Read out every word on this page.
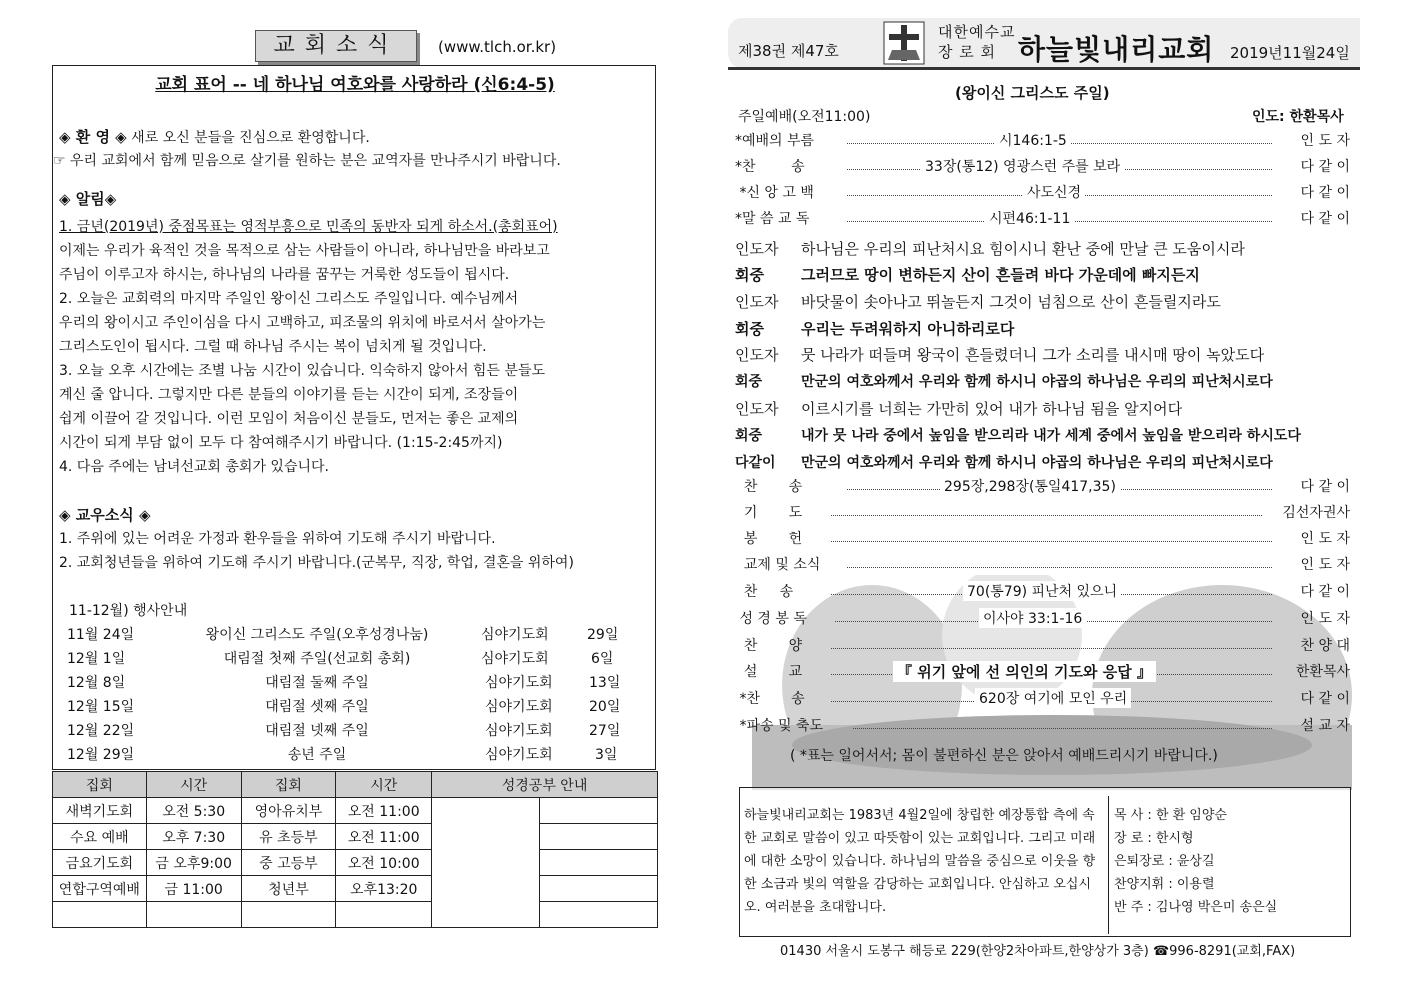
교회소식	(www.tlch.or.kr)
교회 표어 -- 네 하나님 여호와를 사랑하라 (신6:4-5)
◈ 환 영 ◈ 새로 오신 분들을 진심으로 환영합니다.
☞ 우리 교회에서 함께 믿음으로 살기를 원하는 분은 교역자를 만나주시기 바랍니다.
◈ 알림◈
1. 금년(2019년) 중점목표는 영적부흥으로 민족의 동반자 되게 하소서.(총회표어)
이제는 우리가 육적인 것을 목적으로 삼는 사람들이 아니라, 하나님만을 바라보고
주님이 이루고자 하시는, 하나님의 나라를 꿈꾸는 거룩한 성도들이 됩시다.
2. 오늘은 교회력의 마지막 주일인 왕이신 그리스도 주일입니다. 예수님께서
우리의 왕이시고 주인이심을 다시 고백하고, 피조물의 위치에 바로서서 살아가는
그리스도인이 됩시다. 그럴 때 하나님 주시는 복이 넘치게 될 것입니다.
3. 오늘 오후 시간에는 조별 나눔 시간이 있습니다. 익숙하지 않아서 힘든 분들도
계신 줄 압니다. 그렇지만 다른 분들의 이야기를 듣는 시간이 되게, 조장들이
쉽게 이끌어 갈 것입니다. 이런 모임이 처음이신 분들도, 먼저는 좋은 교제의
시간이 되게 부담 없이 모두 다 참여해주시기 바랍니다. (1:15-2:45까지)
4. 다음 주에는 남녀선교회 총회가 있습니다.
◈ 교우소식 ◈
1. 주위에 있는 어려운 가정과 환우들을 위하여 기도해 주시기 바랍니다.
2. 교회청년들을 위하여 기도해 주시기 바랍니다.(군복무, 직장, 학업, 결혼을 위하여)
11-12월) 행사안내
11월 24일	왕이신 그리스도 주일(오후성경나눔)	심야기도회	29일
12월 1일	대림절 첫째 주일(선교회 총회)	심야기도회	6일
12월 8일	대림절 둘째 주일	심야기도회	13일
12월 15일	대림절 셋째 주일	심야기도회	20일
12월 22일	대림절 넷째 주일	심야기도회	27일
12월 29일	송년 주일	심야기도회	3일
집회	시간	집회	시간	성경공부 안내	
새벽기도회	오전 5:30	영아유치부	오전 11:00		
수요 예배	오후 7:30	유 초등부	오전 11:00		
금요기도회	금 오후9:00	중 고등부	오전 10:00		
연합구역예배	금 11:00	청년부	오후13:20		

제38권 제47호
대한예수교
장 로 회 하늘빛내리교회 2019년11월24일
(왕이신 그리스도 주일)
주일예배(오전11:00)	인도: 한환목사
*예배의 부름	시146:1-5	인 도 자
*찬        송	33장(통12) 영광스런 주를 보라	다 같 이
*신 앙 고 백	사도신경	다 같 이
*말 씀 교 독	시편46:1-11	다 같 이
인도자 하나님은 우리의 피난처시요 힘이시니 환난 중에 만날 큰 도움이시라
회중 그러므로 땅이 변하든지 산이 흔들려 바다 가운데에 빠지든지
인도자 바닷물이 솟아나고 뛰놀든지 그것이 넘침으로 산이 흔들릴지라도
회중 우리는 두려워하지 아니하리로다
인도자 뭇 나라가 떠들며 왕국이 흔들렸더니 그가 소리를 내시매 땅이 녹았도다
회중	만군의 여호와께서 우리와 함께 하시니 야곱의 하나님은 우리의 피난처시로다
인도자 이르시기를 너희는 가만히 있어 내가 하나님 됨을 알지어다
회중	내가 뭇 나라 중에서 높임을 받으리라 내가 세계 중에서 높임을 받으리라 하시도다
다같이 만군의 여호와께서 우리와 함께 하시니 야곱의 하나님은 우리의 피난처시로다
찬       송	295장,298장(통일417,35)	다 같 이
기       도	김선자권사
봉       헌	인 도 자
교제 및 소식	인 도 자
찬     송	70(통79) 피난처 있으니	다 같 이
성 경 봉 독	이사야 33:1-16	인 도 자
찬       양	찬 양 대
설       교	『 위기 앞에 선 의인의 기도와 응답 』	한환목사
*찬       송	620장 여기에 모인 우리	다 같 이
*파송 및 축도	설 교 자
( *표는 일어서서; 몸이 불편하신 분은 앉아서 예배드리시기 바랍니다.)
하늘빛내리교회는 1983년 4월2일에 창립한 예장통합 측에 속한 교회로 말씀이 있고 따뜻함이 있는 교회입니다. 그리고 미래에 대한 소망이 있습니다. 하나님의 말씀을 중심으로 이웃을 향한 소금과 빛의 역할을 감당하는 교회입니다. 안심하고 오십시오. 여러분을 초대합니다.
목 사 : 한 환 임양순
장 로 : 한시형
은퇴장로 : 윤상길
찬양지휘 : 이용렬
반 주 : 김나영 박은미 송은실
01430 서울시 도봉구 해등로 229(한양2차아파트,한양상가 3층) ☎996-8291(교회,FAX)
